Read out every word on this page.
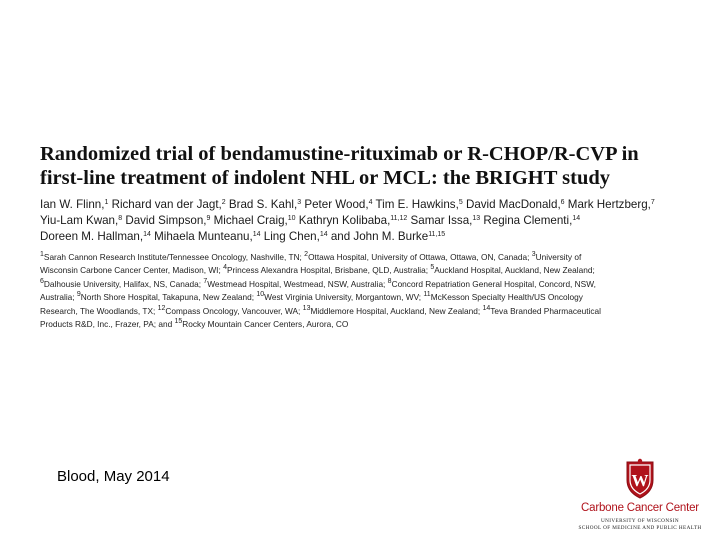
Randomized trial of bendamustine-rituximab or R-CHOP/R-CVP in
first-line treatment of indolent NHL or MCL: the BRIGHT study
Ian W. Flinn,$^1$ Richard van der Jagt,$^2$ Brad S. Kahl,$^3$ Peter Wood,$^4$ Tim E. Hawkins,$^5$ David MacDonald,$^6$ Mark Hertzberg,$^7$
Yiu-Lam Kwan,$^8$ David Simpson,$^9$ Michael Craig,$^{10}$ Kathryn Kolibaba,$^{11,12}$ Samar Issa,$^{13}$ Regina Clementi,$^{14}$
Doreen M. Hallman,$^{14}$ Mihaela Munteanu,$^{14}$ Ling Chen,$^{14}$ and John M. Burke$^{11,15}$
$^1$Sarah Cannon Research Institute/Tennessee Oncology, Nashville, TN; $^2$Ottawa Hospital, University of Ottawa, Ottawa, ON, Canada; $^3$University of
Wisconsin Carbone Cancer Center, Madison, WI; $^4$Princess Alexandra Hospital, Brisbane, QLD, Australia; $^5$Auckland Hospital, Auckland, New Zealand;
$^6$Dalhousie University, Halifax, NS, Canada; $^7$Westmead Hospital, Westmead, NSW, Australia; $^8$Concord Repatriation General Hospital, Concord, NSW,
Australia; $^9$North Shore Hospital, Takapuna, New Zealand; $^{10}$West Virginia University, Morgantown, WV; $^{11}$McKesson Specialty Health/US Oncology
Research, The Woodlands, TX; $^{12}$Compass Oncology, Vancouver, WA; $^{13}$Middlemore Hospital, Auckland, New Zealand; $^{14}$Teva Branded Pharmaceutical
Products R&D, Inc., Frazer, PA; and $^{15}$Rocky Mountain Cancer Centers, Aurora, CO
Blood, May 2014	W
Carbone Cancer Center
UNIVERSITY OF WISCONSIN
SCHOOL OF MEDICINE AND PUBLIC HEALTH
